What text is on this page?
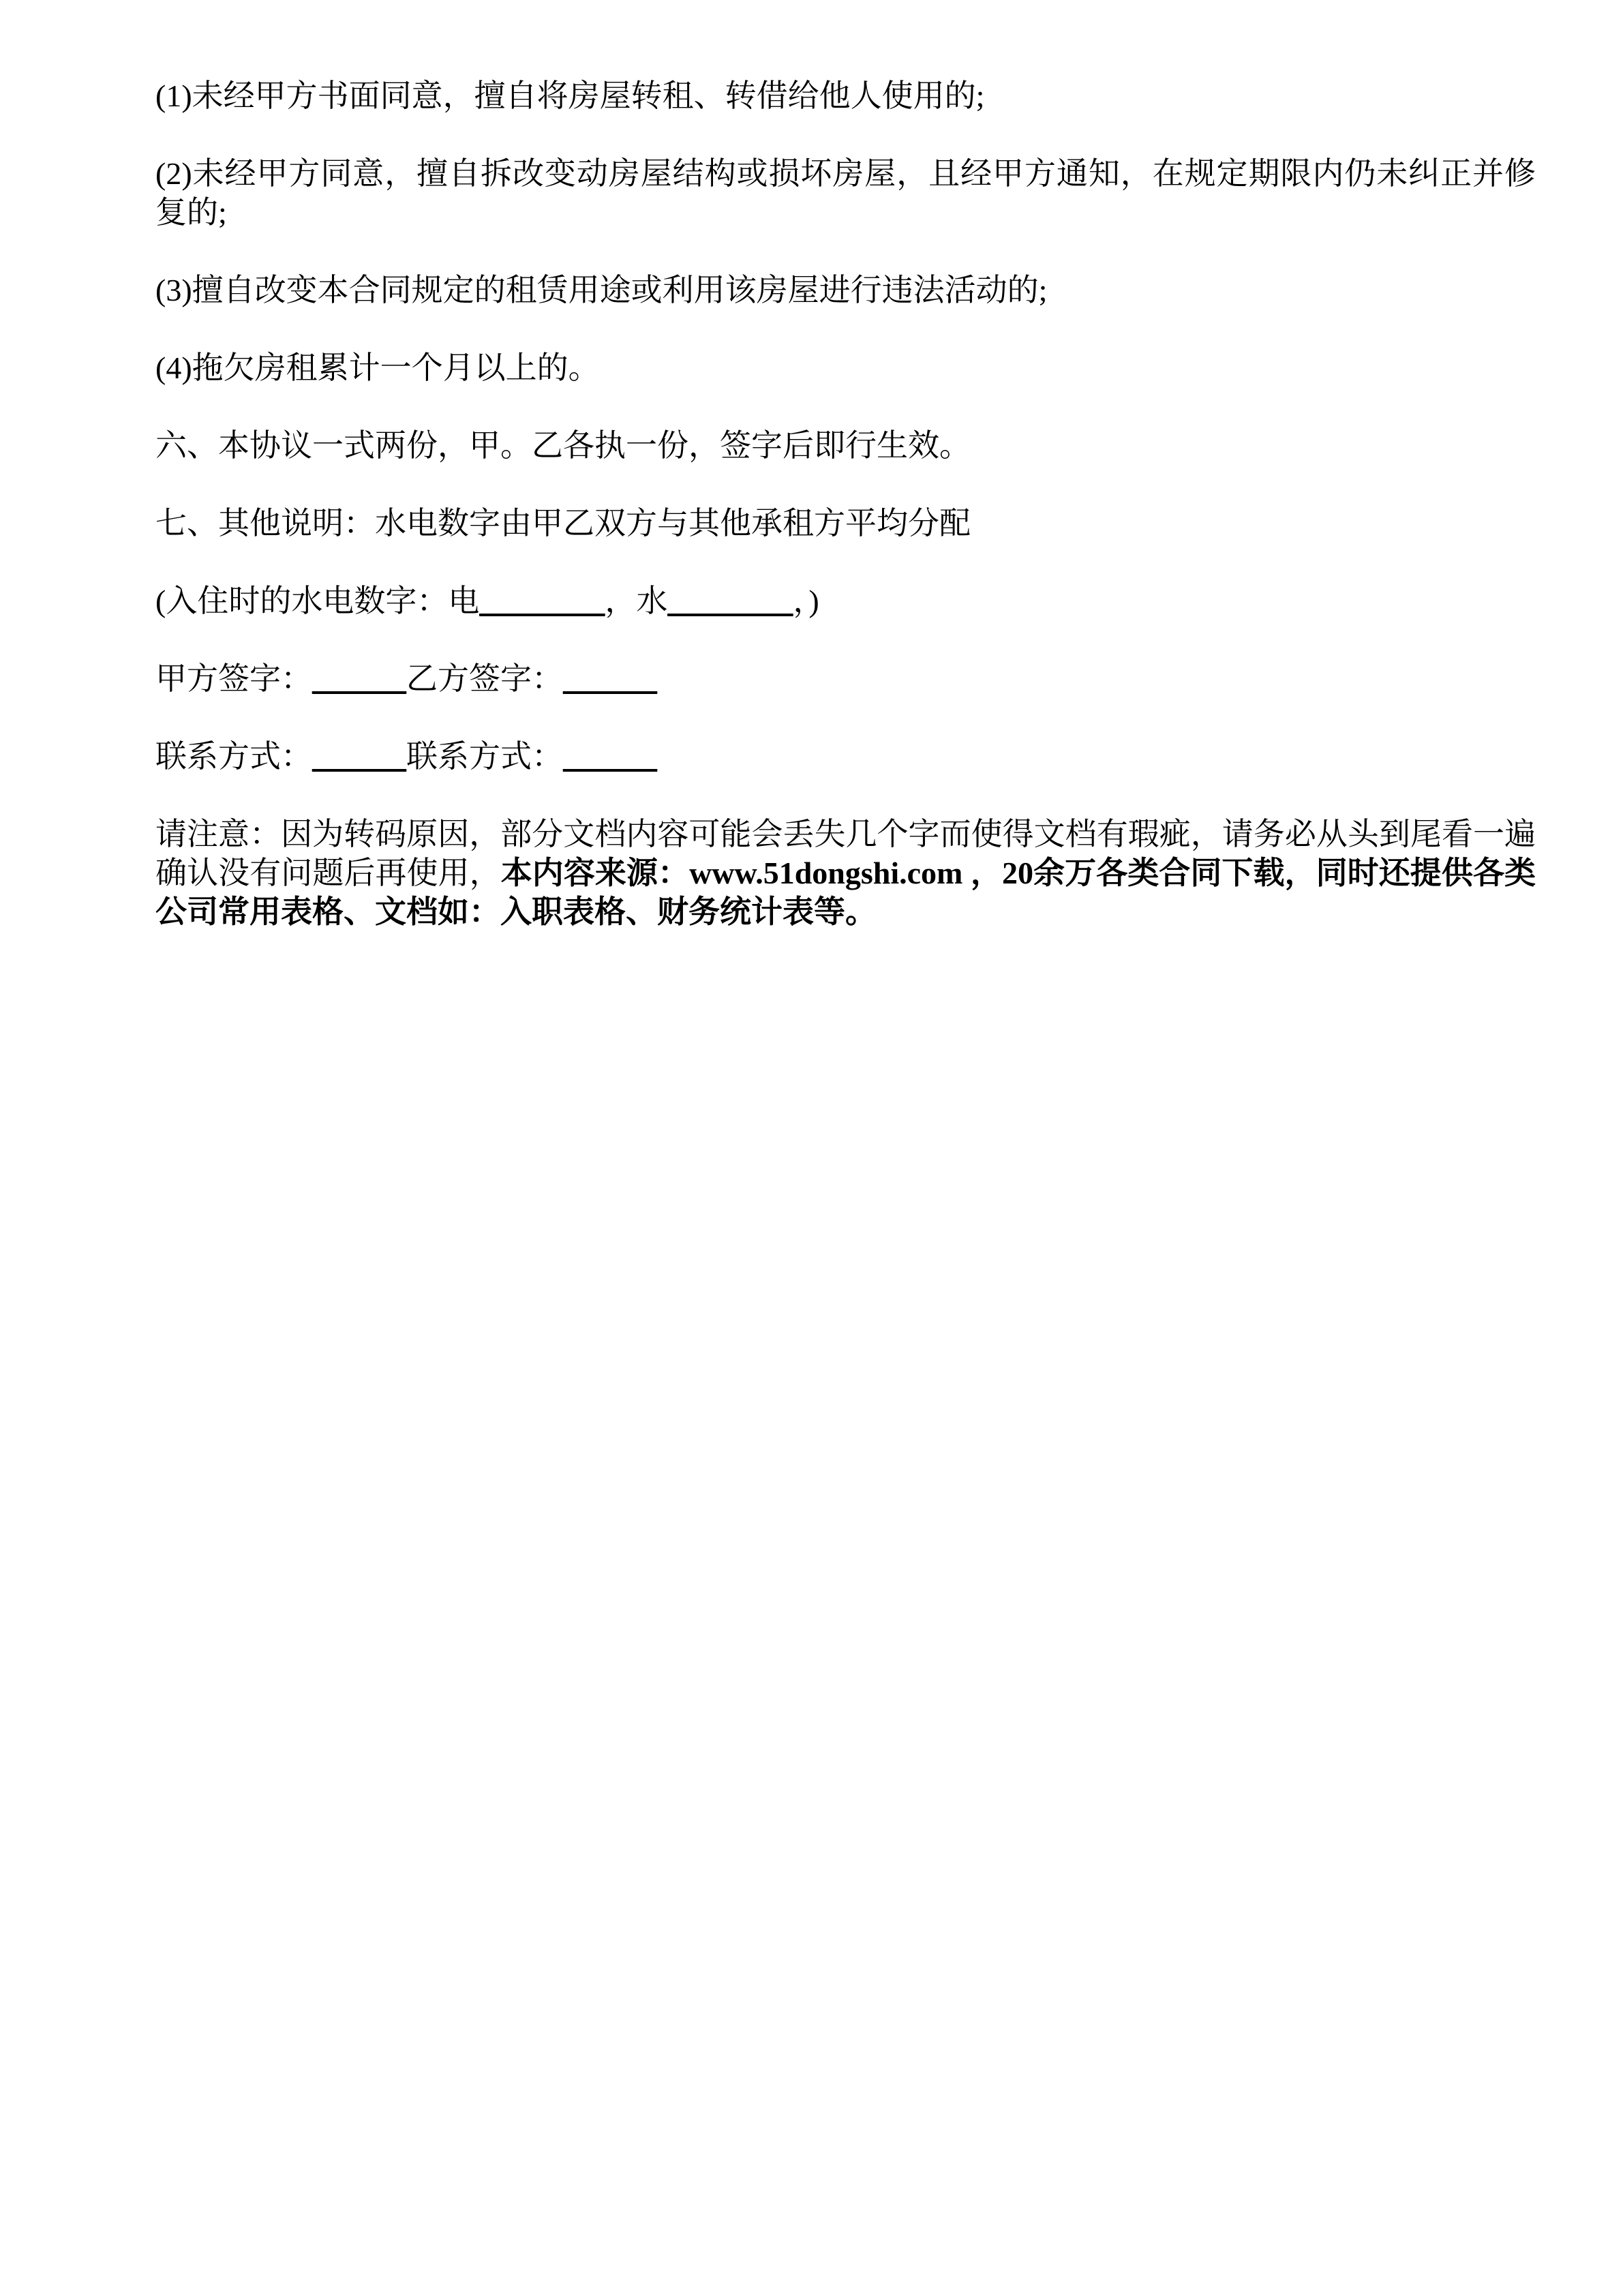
(1)未经甲方书面同意，擅自将房屋转租、转借给他人使用的;

(2)未经甲方同意，擅自拆改变动房屋结构或损坏房屋，且经甲方通知，在规定期限内仍未纠正并修复的;

(3)擅自改变本合同规定的租赁用途或利用该房屋进行违法活动的;

(4)拖欠房租累计一个月以上的。

六、本协议一式两份，甲。乙各执一份，签字后即行生效。

七、其他说明：水电数字由甲乙双方与其他承租方平均分配

(入住时的水电数字：电________，水________，)

甲方签字：______乙方签字：______

联系方式：______联系方式：______

请注意：因为转码原因，部分文档内容可能会丢失几个字而使得文档有瑕疵，请务必从头到尾看一遍确认没有问题后再使用，本内容来源：www.51dongshi.com ，20余万各类合同下载，同时还提供各类公司常用表格、文档如：入职表格、财务统计表等。
